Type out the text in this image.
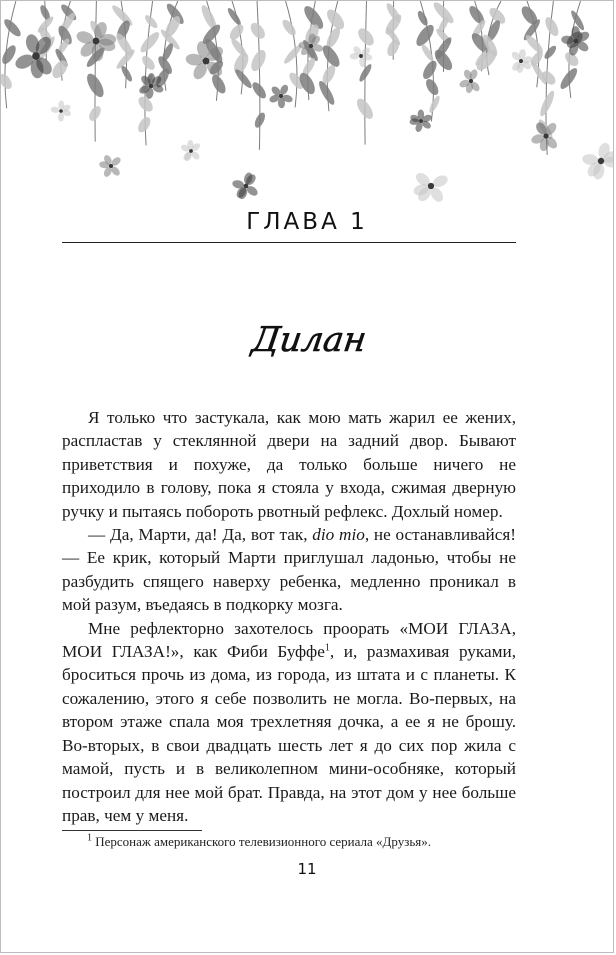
ГЛАВА 1
Дилан

Я только что застукала, как мою мать жарил ее жених, распластав у стеклянной двери на задний двор. Бывают приветствия и похуже, да только больше ничего не приходило в голову, пока я стояла у входа, сжимая дверную ручку и пытаясь побороть рвотный рефлекс. Дохлый номер.

— Да, Марти, да! Да, вот так, dio mio, не останавливайся! — Ее крик, который Марти приглушал ладонью, чтобы не разбудить спящего наверху ребенка, медленно проникал в мой разум, въедаясь в подкорку мозга.

Мне рефлекторно захотелось проорать «МОИ ГЛАЗА, МОИ ГЛАЗА!», как Фиби Буффе$^1$, и, размахивая руками, броситься прочь из дома, из города, из штата и с планеты. К сожалению, этого я себе позволить не могла. Во-первых, на втором этаже спала моя трехлетняя дочка, а ее я не брошу. Во-вторых, в свои двадцать шесть лет я до сих пор жила с мамой, пусть и в великолепном мини-особняке, который построил для нее мой брат. Правда, на этот дом у нее больше прав, чем у меня.

$^1$ Персонаж американского телевизионного сериала «Друзья».
11
